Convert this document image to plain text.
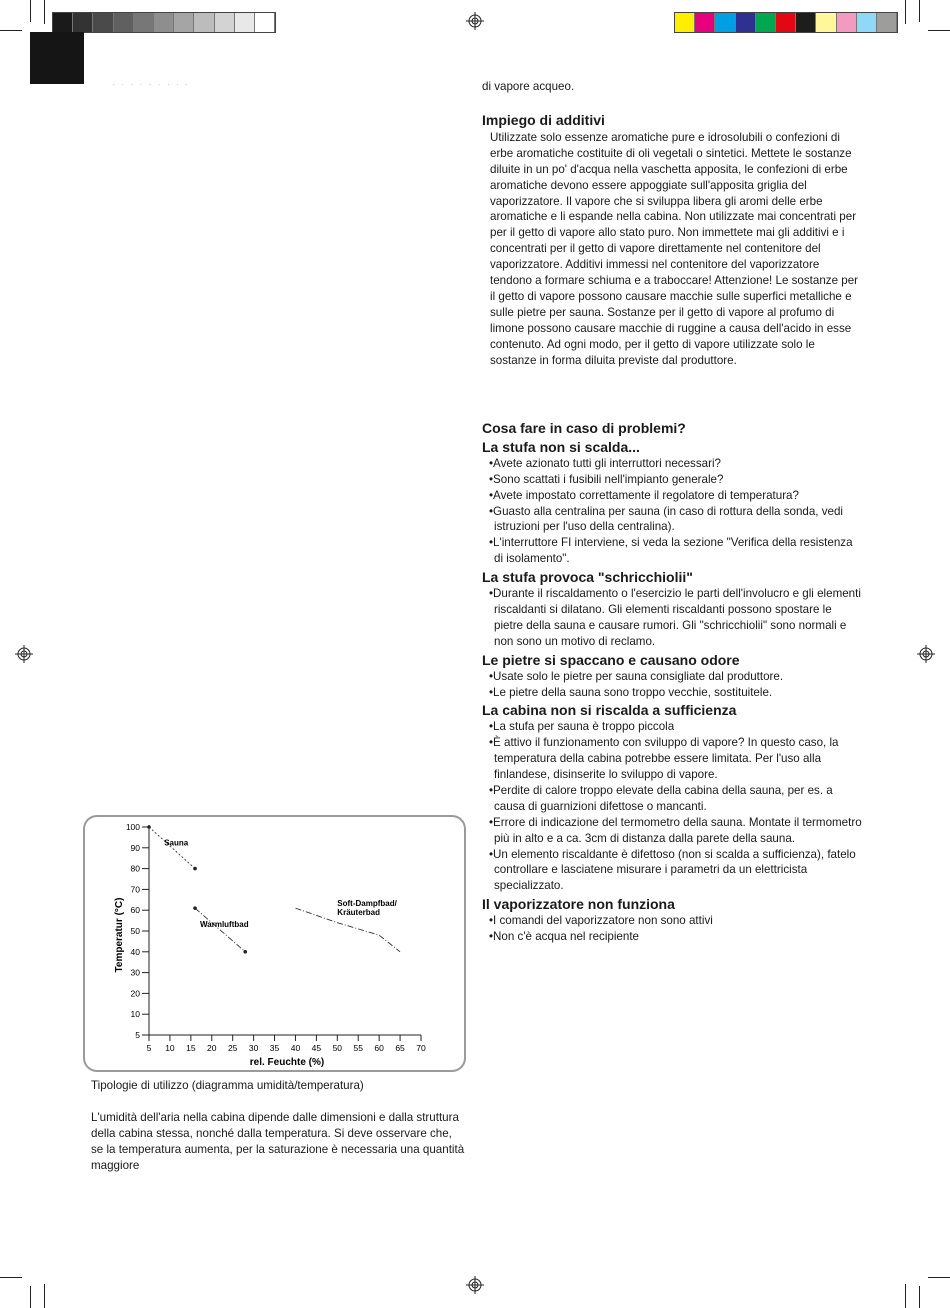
· · · · · · · · ·	di vapore acqueo.

Impiego di additivi

Utilizzate solo essenze aromatiche pure e idrosolubili o confezioni di erbe aromatiche costituite di oli vegetali o sintetici. Mettete le sostanze diluite in un po' d'acqua nella vaschetta apposita, le confezioni di erbe aromatiche devono essere appoggiate sull'apposita griglia del vaporizzatore. Il vapore che si sviluppa libera gli aromi delle erbe aromatiche e li espande nella cabina. Non utilizzate mai concentrati per per il getto di vapore allo stato puro. Non immettete mai gli additivi e i concentrati per il getto di vapore direttamente nel contenitore del vaporizzatore. Additivi immessi nel contenitore del vaporizzatore tendono a formare schiuma e a traboccare! Attenzione! Le sostanze per il getto di vapore possono causare macchie sulle superfici metalliche e sulle pietre per sauna. Sostanze per il getto di vapore al profumo di limone possono causare macchie di ruggine a causa dell'acido in esse contenuto. Ad ogni modo, per il getto di vapore utilizzate solo le sostanze in forma diluita previste dal produttore.

Cosa fare in caso di problemi?

La stufa non si scalda...

•Avete azionato tutti gli interruttori necessari?

•Sono scattati i fusibili nell'impianto generale?

•Avete impostato correttamente il regolatore di temperatura?

•Guasto alla centralina per sauna (in caso di rottura della sonda, vedi istruzioni per l'uso della centralina).

•L'interruttore FI interviene, si veda la sezione "Verifica della resistenza di isolamento".

La stufa provoca "schricchiolii"

•Durante il riscaldamento o l'esercizio le parti dell'involucro e gli elementi riscaldanti si dilatano. Gli elementi riscaldanti possono spostare le pietre della sauna e causare rumori. Gli "schricchiolii" sono normali e non sono un motivo di reclamo.

Le pietre si spaccano e causano odore

•Usate solo le pietre per sauna consigliate dal produttore.

•Le pietre della sauna sono troppo vecchie, sostituitele.

La cabina non si riscalda a sufficienza

•La stufa per sauna è troppo piccola

•È attivo il funzionamento con sviluppo di vapore? In questo caso, la temperatura della cabina potrebbe essere limitata. Per l'uso alla finlandese, disinserite lo sviluppo di vapore.

•Perdite di calore troppo elevate della cabina della sauna, per es. a causa di guarnizioni difettose o mancanti.

•Errore di indicazione del termometro della sauna. Montate il termometro più in alto e a ca. 3cm di distanza dalla parete della sauna.

•Un elemento riscaldante è difettoso (non si scalda a sufficienza), fatelo controllare e lasciatene misurare i parametri da un elettricista specializzato.

Il vaporizzatore non funziona

•I comandi del vaporizzatore non sono attivi

•Non c'è acqua nel recipiente

Temperatur (°C)
rel. Feuchte (%)
100
90
80
70
60
50
40
30
20
10
5
5 10 15 20 25 30 35 40 45 50 55 60 65 70
Sauna
Warmluftbad
Soft-Dampfbad/
Kräuterbad
Tipologie di utilizzo (diagramma umidità/temperatura)
L'umidità dell'aria nella cabina dipende dalle dimensioni e dalla struttura della cabina stessa, nonché dalla temperatura. Si deve osservare che, se la temperatura aumenta, per la saturazione è necessaria una quantità maggiore
